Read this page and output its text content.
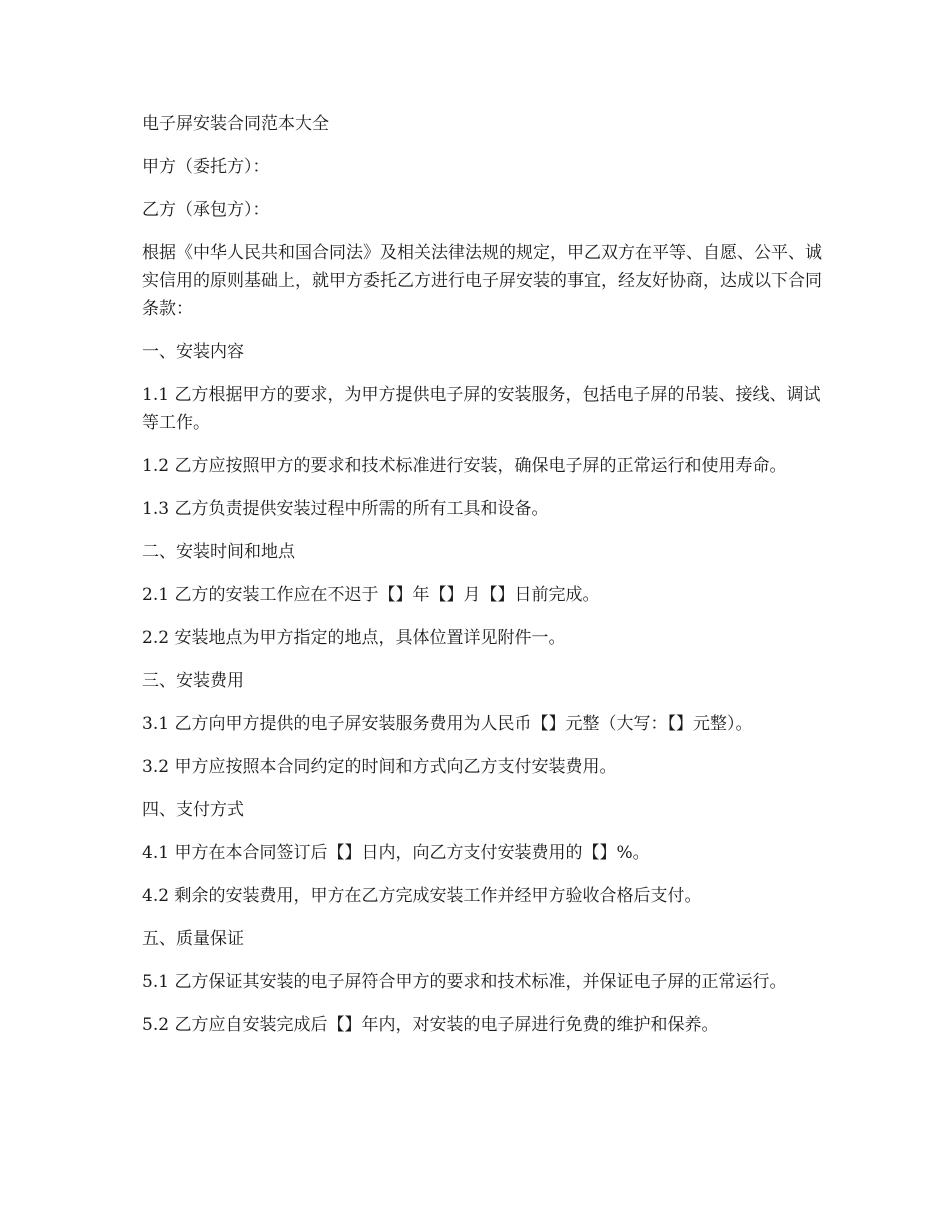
电子屏安装合同范本大全

甲方（委托方）：

乙方（承包方）：

根据《中华人民共和国合同法》及相关法律法规的规定，甲乙双方在平等、自愿、公平、诚实信用的原则基础上，就甲方委托乙方进行电子屏安装的事宜，经友好协商，达成以下合同条款：

一、安装内容

1.1 乙方根据甲方的要求，为甲方提供电子屏的安装服务，包括电子屏的吊装、接线、调试等工作。

1.2 乙方应按照甲方的要求和技术标准进行安装，确保电子屏的正常运行和使用寿命。

1.3 乙方负责提供安装过程中所需的所有工具和设备。

二、安装时间和地点

2.1 乙方的安装工作应在不迟于【】年【】月【】日前完成。

2.2 安装地点为甲方指定的地点，具体位置详见附件一。

三、安装费用

3.1 乙方向甲方提供的电子屏安装服务费用为人民币【】元整（大写：【】元整）。

3.2 甲方应按照本合同约定的时间和方式向乙方支付安装费用。

四、支付方式

4.1 甲方在本合同签订后【】日内，向乙方支付安装费用的【】%。

4.2 剩余的安装费用，甲方在乙方完成安装工作并经甲方验收合格后支付。

五、质量保证

5.1 乙方保证其安装的电子屏符合甲方的要求和技术标准，并保证电子屏的正常运行。

5.2 乙方应自安装完成后【】年内，对安装的电子屏进行免费的维护和保养。
